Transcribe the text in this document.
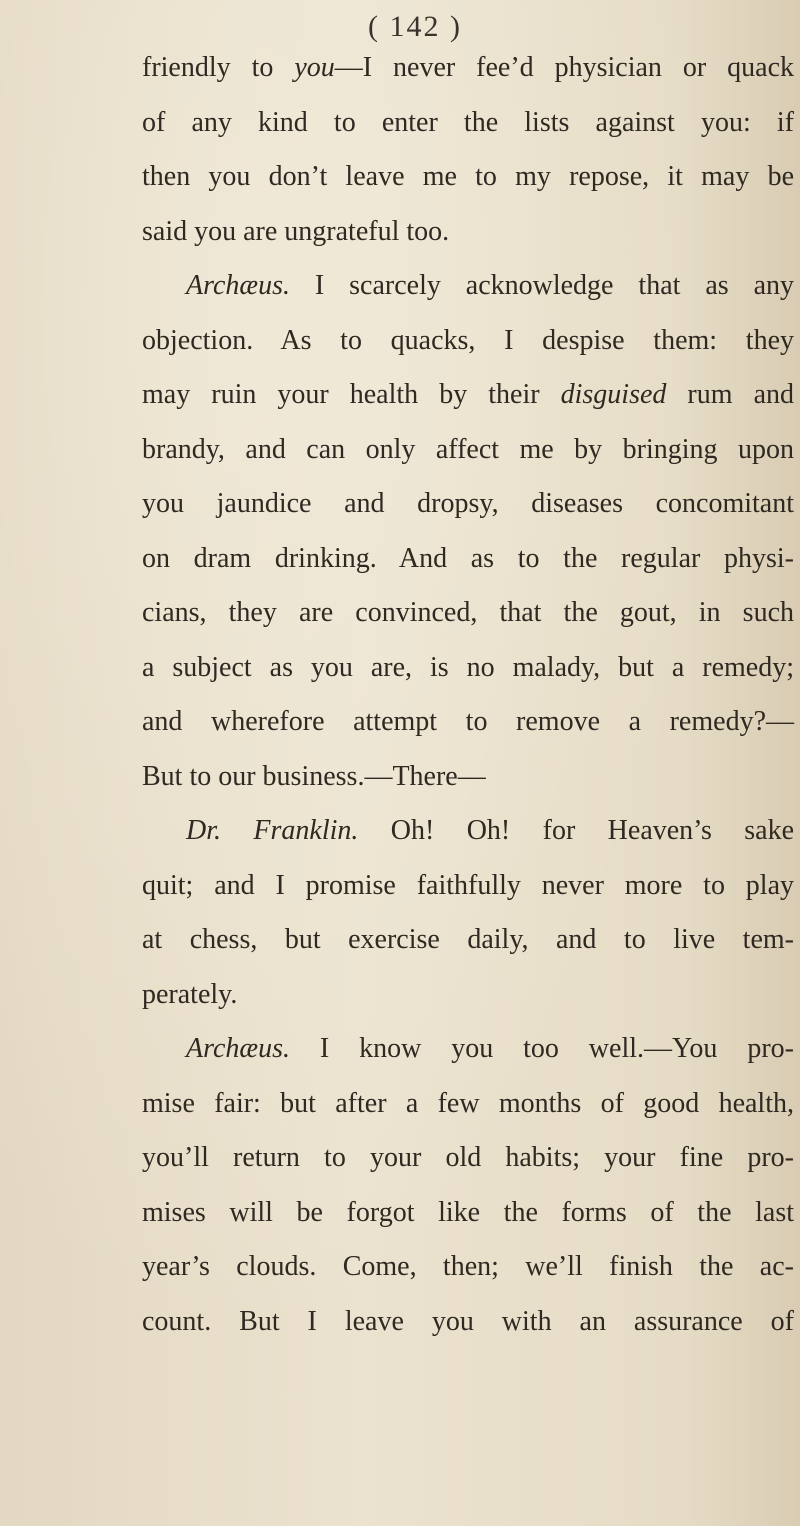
( 142 )
friendly to you—I never fee’d physician or quack
of any kind to enter the lists against you: if
then you don’t leave me to my repose, it may be
said you are ungrateful too.
Archæus. I scarcely acknowledge that as any
objection. As to quacks, I despise them: they
may ruin your health by their disguised rum and
brandy, and can only affect me by bringing upon
you jaundice and dropsy, diseases concomitant
on dram drinking. And as to the regular physi-
cians, they are convinced, that the gout, in such
a subject as you are, is no malady, but a remedy;
and wherefore attempt to remove a remedy?—
But to our business.—There—
Dr. Franklin. Oh! Oh! for Heaven’s sake
quit; and I promise faithfully never more to play
at chess, but exercise daily, and to live tem-
perately.
Archæus. I know you too well.—You pro-
mise fair: but after a few months of good health,
you’ll return to your old habits; your fine pro-
mises will be forgot like the forms of the last
year’s clouds. Come, then; we’ll finish the ac-
count. But I leave you with an assurance of
